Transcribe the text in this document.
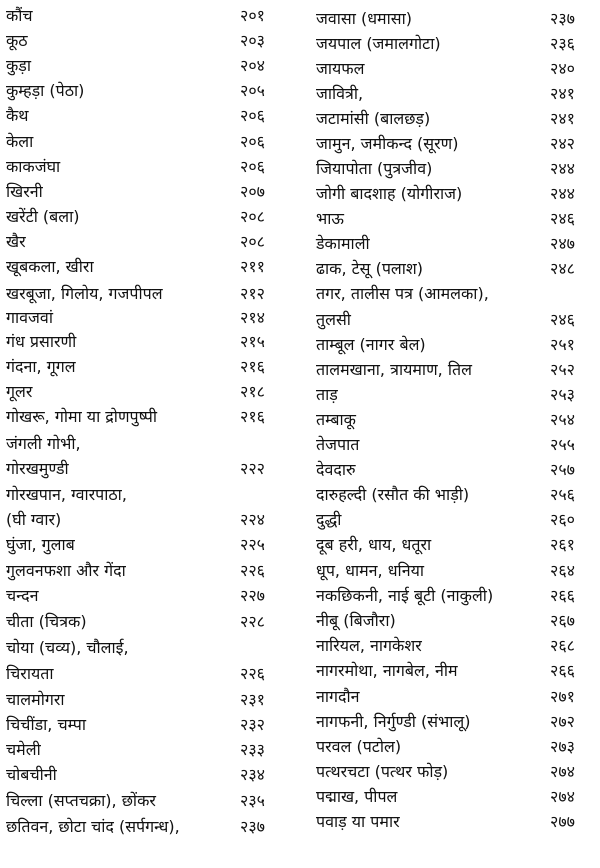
कौंच	२०१
कूठ	२०३
कुड़ा	२०४
कुम्हड़ा (पेठा)	२०५
कैथ	२०६
केला	२०६
काकजंघा	२०६
खिरनी	२०७
खरेंटी (बला)	२०८
खैर	२०८
खूबकला, खीरा	२११
खरबूजा, गिलोय, गजपीपल	२१२
गावजवां	२१४
गंध प्रसारणी	२१५
गंदना, गूगल	२१६
गूलर	२१८
गोखरू, गोमा या द्रोणपुष्पी	२१६
जंगली गोभी,
गोरखमुण्डी	२२२
गोरखपान, ग्वारपाठा,
(घी ग्वार)	२२४
घुंजा, गुलाब	२२५
गुलवनफशा और गेंदा	२२६
चन्दन	२२७
चीता (चित्रक)	२२८
चोया (चव्य), चौलाई,
चिरायता	२२६
चालमोगरा	२३१
चिचींडा, चम्पा	२३२
चमेली	२३३
चोबचीनी	२३४
चिल्ला (सप्तचक्रा), छोंकर	२३५
छतिवन, छोटा चांद (सर्पगन्ध),	२३७
जवासा (धमासा)	२३७
जयपाल (जमालगोटा)	२३६
जायफल	२४०
जावित्री,	२४१
जटामांसी (बालछड़)	२४१
जामुन, जमीकन्द (सूरण)	२४२
जियापोता (पुत्रजीव)	२४४
जोगी बादशाह (योगीराज)	२४४
भाऊ	२४६
डेकामाली	२४७
ढाक, टेसू (पलाश)	२४८
तगर, तालीस पत्र (आमलका),
तुलसी	२४६
ताम्बूल (नागर बेल)	२५१
तालमखाना, त्रायमाण, तिल	२५२
ताड़	२५३
तम्बाकू	२५४
तेजपात	२५५
देवदारु	२५७
दारुहल्दी (रसौत की भाड़ी)	२५६
दुद्धी	२६०
दूब हरी, धाय, धतूरा	२६१
धूप, धामन, धनिया	२६४
नकछिकनी, नाई बूटी (नाकुली)	२६६
नीबू (बिजौरा)	२६७
नारियल, नागकेशर	२६८
नागरमोथा, नागबेल, नीम	२६६
नागदौन	२७१
नागफनी, निर्गुण्डी (संभालू)	२७२
परवल (पटोल)	२७३
पत्थरचटा (पत्थर फोड़)	२७४
पद्माख, पीपल	२७४
पवाड़ या पमार	२७७
